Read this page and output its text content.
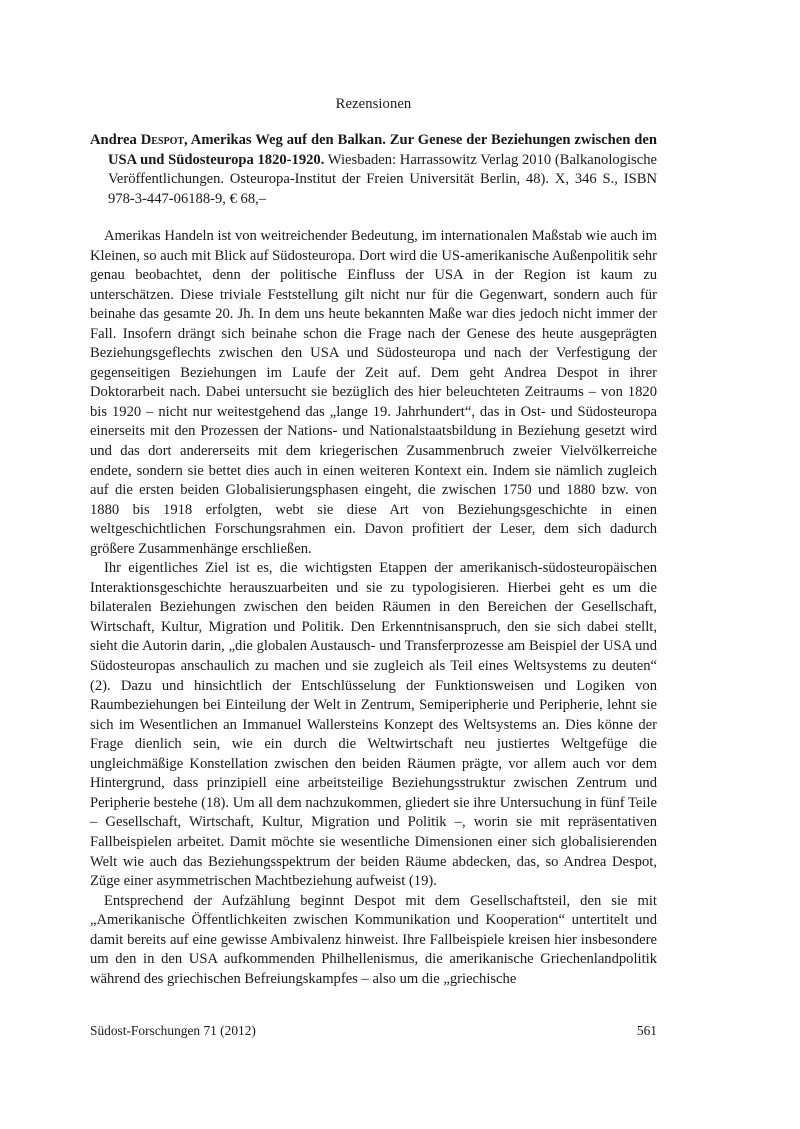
Rezensionen
Andrea Despot, Amerikas Weg auf den Balkan. Zur Genese der Beziehungen zwischen den USA und Südosteuropa 1820-1920. Wiesbaden: Harrassowitz Verlag 2010 (Balkanologische Veröffentlichungen. Osteuropa-Institut der Freien Universität Berlin, 48). X, 346 S., ISBN 978-3-447-06188-9, € 68,–

Amerikas Handeln ist von weitreichender Bedeutung, im internationalen Maßstab wie auch im Kleinen, so auch mit Blick auf Südosteuropa. Dort wird die US-amerikanische Außenpolitik sehr genau beobachtet, denn der politische Einfluss der USA in der Region ist kaum zu unterschätzen. Diese triviale Feststellung gilt nicht nur für die Gegenwart, sondern auch für beinahe das gesamte 20. Jh. In dem uns heute bekannten Maße war dies jedoch nicht immer der Fall. Insofern drängt sich beinahe schon die Frage nach der Genese des heute ausgeprägten Beziehungsgeflechts zwischen den USA und Südosteuropa und nach der Verfestigung der gegenseitigen Beziehungen im Laufe der Zeit auf. Dem geht Andrea Despot in ihrer Doktorarbeit nach. Dabei untersucht sie bezüglich des hier beleuchteten Zeitraums – von 1820 bis 1920 – nicht nur weitestgehend das „lange 19. Jahrhundert“, das in Ost- und Südosteuropa einerseits mit den Prozessen der Nations- und Nationalstaatsbildung in Beziehung gesetzt wird und das dort andererseits mit dem kriegerischen Zusammenbruch zweier Vielvölkerreiche endete, sondern sie bettet dies auch in einen weiteren Kontext ein. Indem sie nämlich zugleich auf die ersten beiden Globalisierungsphasen eingeht, die zwischen 1750 und 1880 bzw. von 1880 bis 1918 erfolgten, webt sie diese Art von Beziehungsgeschichte in einen weltgeschichtlichen Forschungsrahmen ein. Davon profitiert der Leser, dem sich dadurch größere Zusammenhänge erschließen.

Ihr eigentliches Ziel ist es, die wichtigsten Etappen der amerikanisch-südosteuropäischen Interaktionsgeschichte herauszuarbeiten und sie zu typologisieren. Hierbei geht es um die bilateralen Beziehungen zwischen den beiden Räumen in den Bereichen der Gesellschaft, Wirtschaft, Kultur, Migration und Politik. Den Erkenntnisanspruch, den sie sich dabei stellt, sieht die Autorin darin, „die globalen Austausch- und Transferprozesse am Beispiel der USA und Südosteuropas anschaulich zu machen und sie zugleich als Teil eines Weltsystems zu deuten“ (2). Dazu und hinsichtlich der Entschlüsselung der Funktionsweisen und Logiken von Raumbeziehungen bei Einteilung der Welt in Zentrum, Semiperipherie und Peripherie, lehnt sie sich im Wesentlichen an Immanuel Wallersteins Konzept des Weltsystems an. Dies könne der Frage dienlich sein, wie ein durch die Weltwirtschaft neu justiertes Weltgefüge die ungleichmäßige Konstellation zwischen den beiden Räumen prägte, vor allem auch vor dem Hintergrund, dass prinzipiell eine arbeitsteilige Beziehungsstruktur zwischen Zentrum und Peripherie bestehe (18). Um all dem nachzukommen, gliedert sie ihre Untersuchung in fünf Teile – Gesellschaft, Wirtschaft, Kultur, Migration und Politik –, worin sie mit repräsentativen Fallbeispielen arbeitet. Damit möchte sie wesentliche Dimensionen einer sich globalisierenden Welt wie auch das Beziehungsspektrum der beiden Räume abdecken, das, so Andrea Despot, Züge einer asymmetrischen Machtbeziehung aufweist (19).

Entsprechend der Aufzählung beginnt Despot mit dem Gesellschaftsteil, den sie mit „Amerikanische Öffentlichkeiten zwischen Kommunikation und Kooperation“ untertitelt und damit bereits auf eine gewisse Ambivalenz hinweist. Ihre Fallbeispiele kreisen hier insbesondere um den in den USA aufkommenden Philhellenismus, die amerikanische Griechenlandpolitik während des griechischen Befreiungskampfes – also um die „griechische

Südost-Forschungen 71 (2012)	561
